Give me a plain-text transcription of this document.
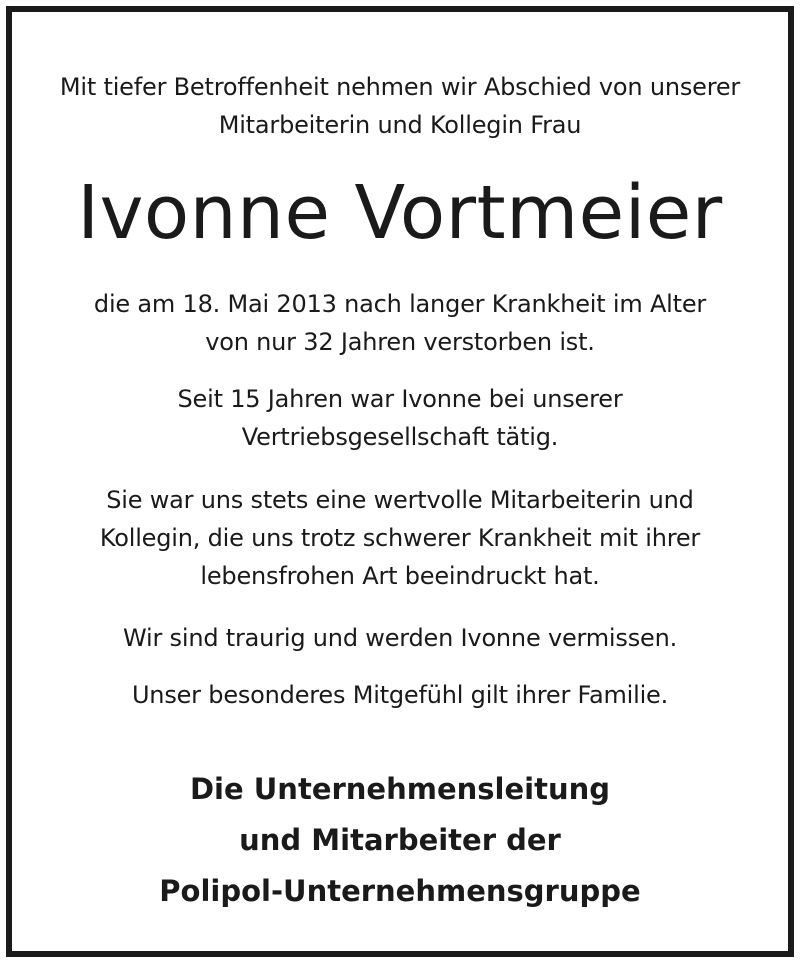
Mit tiefer Betroffenheit nehmen wir Abschied von unserer
Mitarbeiterin und Kollegin Frau
Ivonne Vortmeier
die am 18. Mai 2013 nach langer Krankheit im Alter
von nur 32 Jahren verstorben ist.
Seit 15 Jahren war Ivonne bei unserer
Vertriebsgesellschaft tätig.
Sie war uns stets eine wertvolle Mitarbeiterin und
Kollegin, die uns trotz schwerer Krankheit mit ihrer
lebensfrohen Art beeindruckt hat.
Wir sind traurig und werden Ivonne vermissen.
Unser besonderes Mitgefühl gilt ihrer Familie.
Die Unternehmensleitung
und Mitarbeiter der
Polipol-Unternehmensgruppe
